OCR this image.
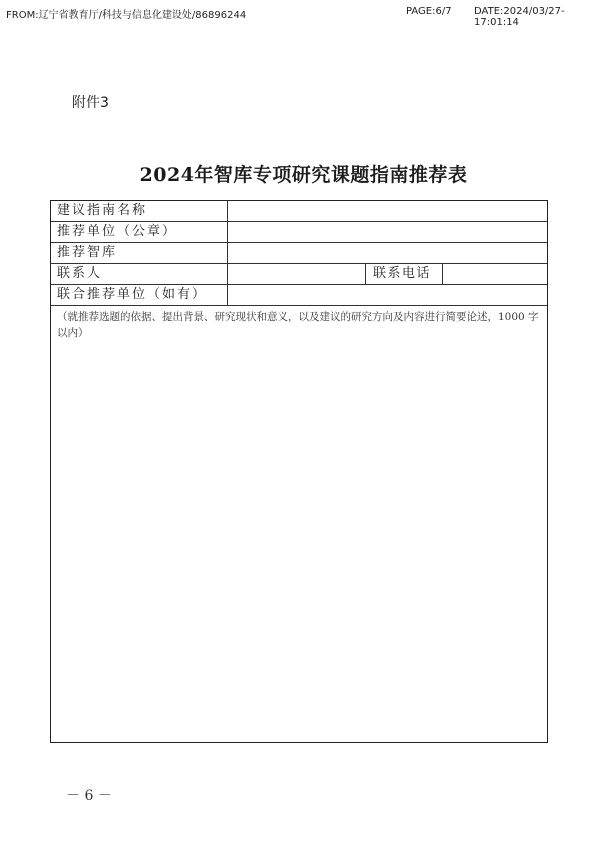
FROM:辽宁省教育厅/科技与信息化建设处/86896244	PAGE:6/7 DATE:2024/03/27-17:01:14
附件3
2024年智库专项研究课题指南推荐表
建议指南名称
推荐单位（公章）
推荐智库
联系人	联系电话
联合推荐单位（如有）
（就推荐选题的依据、提出背景、研究现状和意义，以及建议的研究方向及内容进行简要论述，1000 字以内）
－ 6 －
